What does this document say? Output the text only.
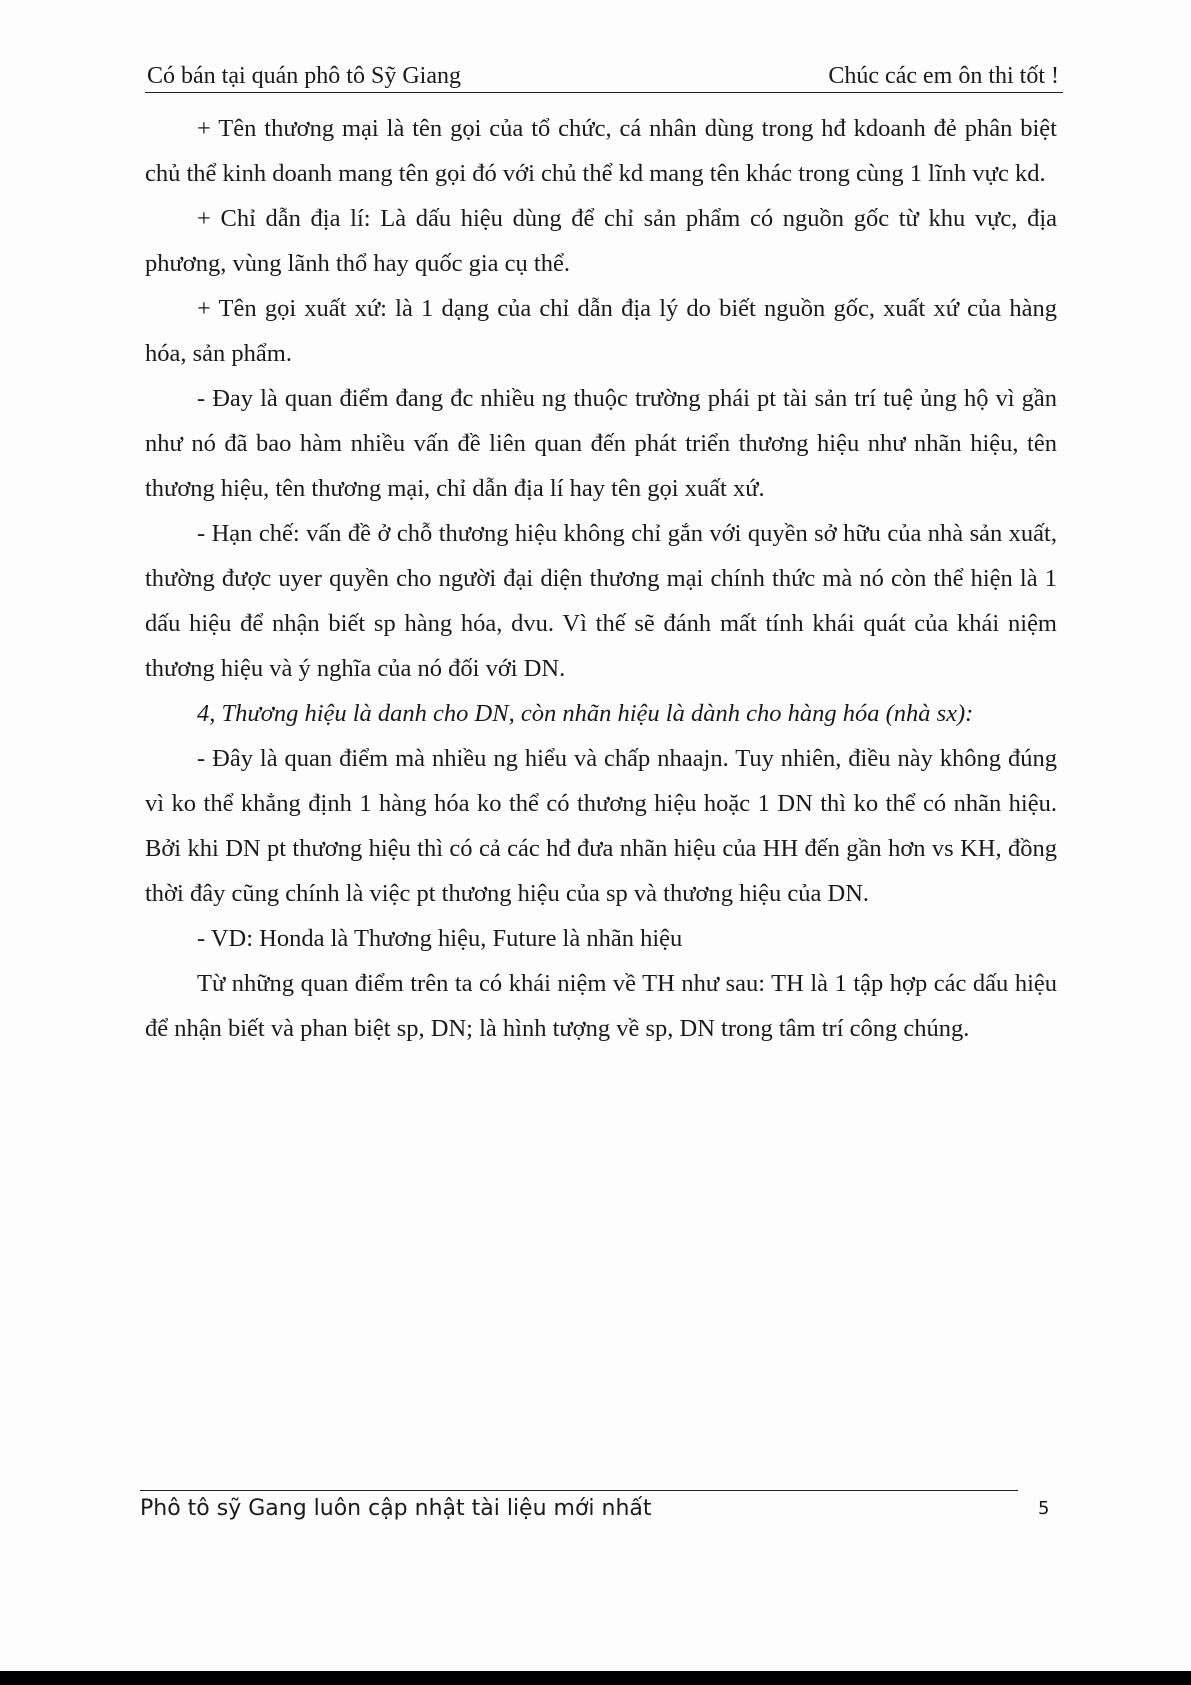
Có bán tại quán phô tô Sỹ Giang	Chúc các em ôn thi tốt !

+ Tên thương mại là tên gọi của tổ chức, cá nhân dùng trong hđ kdoanh đẻ phân biệt chủ thể kinh doanh mang tên gọi đó với chủ thể kd mang tên khác trong cùng 1 lĩnh vực kd.

+ Chỉ dẫn địa lí: Là dấu hiệu dùng để chỉ sản phẩm có nguồn gốc từ khu vực, địa phương, vùng lãnh thổ hay quốc gia cụ thể.

+ Tên gọi xuất xứ: là 1 dạng của chỉ dẫn địa lý do biết nguồn gốc, xuất xứ của hàng hóa, sản phẩm.

- Đay là quan điểm đang đc nhiều ng thuộc trường phái pt tài sản trí tuệ ủng hộ vì gần như nó đã bao hàm nhiều vấn đề liên quan đến phát triển thương hiệu như nhãn hiệu, tên thương hiệu, tên thương mại, chỉ dẫn địa lí hay tên gọi xuất xứ.

- Hạn chế: vấn đề ở chỗ thương hiệu không chỉ gắn với quyền sở hữu của nhà sản xuất, thường được uyer quyền cho người đại diện thương mại chính thức mà nó còn thể hiện là 1 dấu hiệu để nhận biết sp hàng hóa, dvu. Vì thế sẽ đánh mất tính khái quát của khái niệm thương hiệu và ý nghĩa của nó đối với DN.

4, Thương hiệu là danh cho DN, còn nhãn hiệu là dành cho hàng hóa (nhà sx):

- Đây là quan điểm mà nhiều ng hiểu và chấp nhaajn. Tuy nhiên, điều này không đúng vì ko thể khẳng định 1 hàng hóa ko thể có thương hiệu hoặc 1 DN thì ko thể có nhãn hiệu. Bởi khi DN pt thương hiệu thì có cả các hđ đưa nhãn hiệu của HH đến gần hơn vs KH, đồng thời đây cũng chính là việc pt thương hiệu của sp và thương hiệu của DN.

- VD: Honda là Thương hiệu, Future là nhãn hiệu

Từ những quan điểm trên ta có khái niệm về TH như sau: TH là 1 tập hợp các dấu hiệu để nhận biết và phan biệt sp, DN; là hình tượng về sp, DN trong tâm trí công chúng.

Phô tô sỹ Gang luôn cập nhật tài liệu mới nhất	5
